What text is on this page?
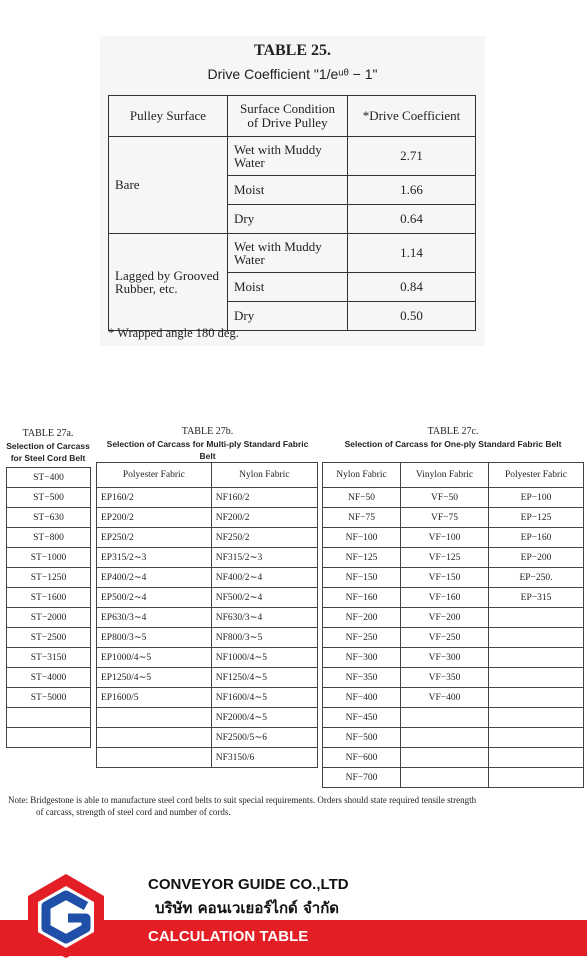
TABLE 25.
Drive Coefficient "1/eᵘᶿ − 1"
Pulley Surface	Surface Condition of Drive Pulley	*Drive Coefficient
Bare	Wet with Muddy Water	2.71
	Moist	1.66
	Dry	0.64
Lagged by Grooved Rubber, etc.	Wet with Muddy Water	1.14
	Moist	0.84
	Dry	0.50
* Wrapped angle 180 deg.
TABLE 27a.
Selection of Carcass for Steel Cord Belt
ST−400
ST−500
ST−630
ST−800
ST−1000
ST−1250
ST−1600
ST−2000
ST−2500
ST−3150
ST−4000
ST−5000

TABLE 27b.
Selection of Carcass for Multi-ply Standard Fabric Belt
Polyester Fabric	Nylon Fabric
EP160/2	NF160/2
EP200/2	NF200/2
EP250/2	NF250/2
EP315/2∼3	NF315/2∼3
EP400/2∼4	NF400/2∼4
EP500/2∼4	NF500/2∼4
EP630/3∼4	NF630/3∼4
EP800/3∼5	NF800/3∼5
EP1000/4∼5	NF1000/4∼5
EP1250/4∼5	NF1250/4∼5
EP1600/5	NF1600/4∼5
	NF2000/4∼5
	NF2500/5∼6
	NF3150/6
TABLE 27c.
Selection of Carcass for One-ply Standard Fabric Belt
Nylon Fabric	Vinylon Fabric	Polyester Fabric
NF−50	VF−50	EP−100
NF−75	VF−75	EP−125
NF−100	VF−100	EP−160
NF−125	VF−125	EP−200
NF−150	VF−150	EP−250.
NF−160	VF−160	EP−315
NF−200	VF−200	
NF−250	VF−250	
NF−300	VF−300	
NF−350	VF−350	
NF−400	VF−400	
NF−450		
NF−500		
NF−600		
NF−700		
Note: Bridgestone is able to manufacture steel cord belts to suit special requirements. Orders should state required tensile strength
of carcass, strength of steel cord and number of cords.
CONVEYOR GUIDE CO.,LTD
บริษัท คอนเวเยอร์ไกด์ จำกัด
CALCULATION TABLE
